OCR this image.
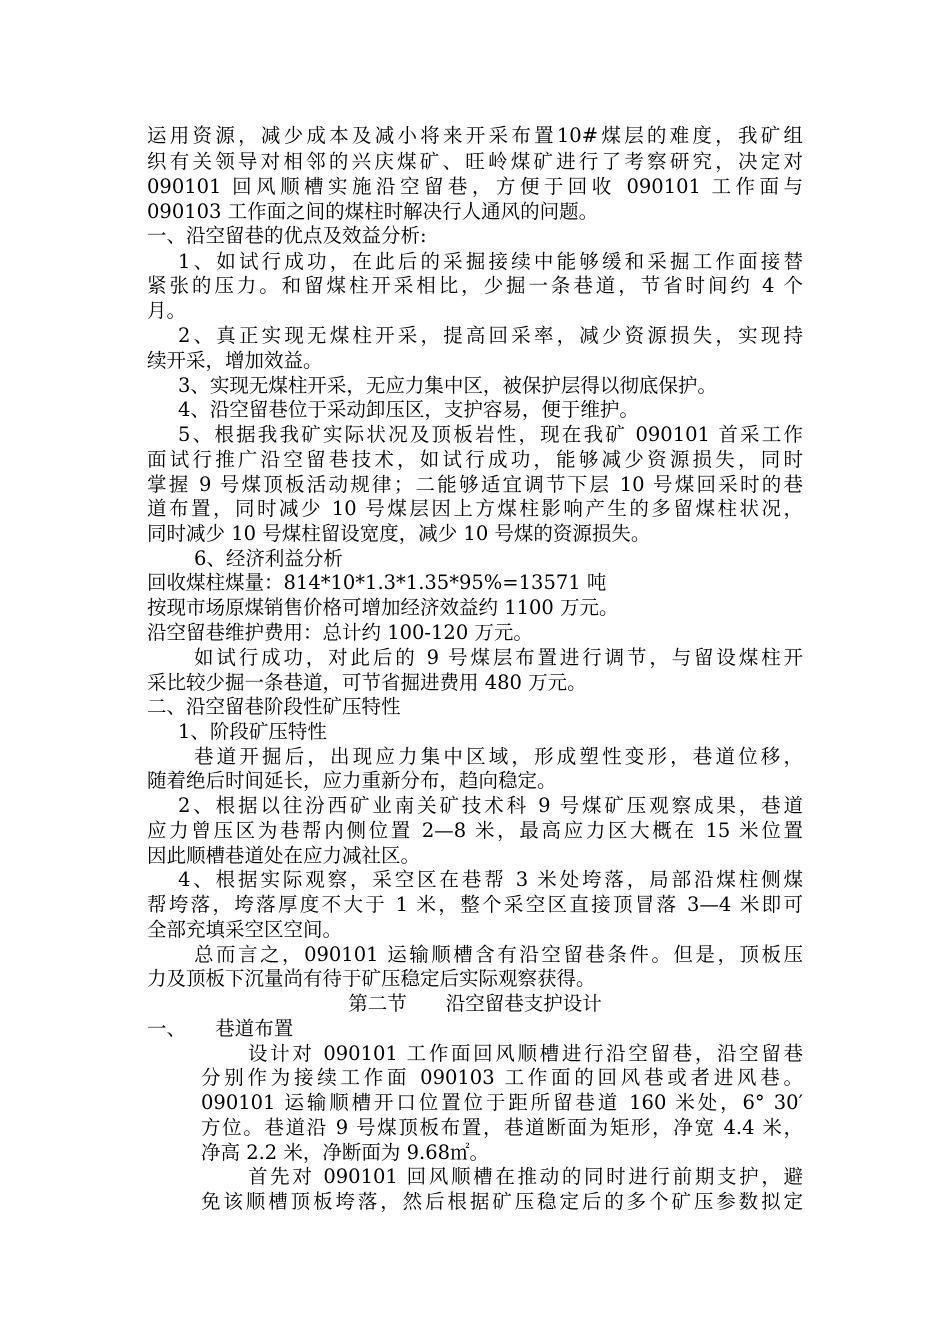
运用资源，减少成本及减小将来开采布置10#煤层的难度，我矿组
织有关领导对相邻的兴庆煤矿、旺岭煤矿进行了考察研究，决定对
090101 回风顺槽实施沿空留巷，方便于回收 090101 工作面与
090103 工作面之间的煤柱时解决行人通风的问题。
一、沿空留巷的优点及效益分析:
1、如试行成功，在此后的采掘接续中能够缓和采掘工作面接替
紧张的压力。和留煤柱开采相比，少掘一条巷道，节省时间约 4 个
月。
2、真正实现无煤柱开采，提高回采率，减少资源损失，实现持
续开采，增加效益。
3、实现无煤柱开采，无应力集中区，被保护层得以彻底保护。
4、沿空留巷位于采动卸压区，支护容易，便于维护。
5、根据我我矿实际状况及顶板岩性，现在我矿 090101 首采工作
面试行推广沿空留巷技术，如试行成功，能够减少资源损失，同时
掌握 9 号煤顶板活动规律；二能够适宜调节下层 10 号煤回采时的巷
道布置，同时减少 10 号煤层因上方煤柱影响产生的多留煤柱状况，
同时减少 10 号煤柱留设宽度，减少 10 号煤的资源损失。
6、经济利益分析
回收煤柱煤量：814*10*1.3*1.35*95%=13571 吨
按现市场原煤销售价格可增加经济效益约 1100 万元。
沿空留巷维护费用：总计约 100-120 万元。
如试行成功，对此后的 9 号煤层布置进行调节，与留设煤柱开
采比较少掘一条巷道，可节省掘进费用 480 万元。
二、沿空留巷阶段性矿压特性
1、阶段矿压特性
巷道开掘后，出现应力集中区域，形成塑性变形，巷道位移，
随着绝后时间延长，应力重新分布，趋向稳定。
2、根据以往汾西矿业南关矿技术科 9 号煤矿压观察成果，巷道
应力曾压区为巷帮内侧位置 2—8 米，最高应力区大概在 15 米位置
因此顺槽巷道处在应力减社区。
4、根据实际观察，采空区在巷帮 3 米处垮落，局部沿煤柱侧煤
帮垮落，垮落厚度不大于 1 米，整个采空区直接顶冒落 3—4 米即可
全部充填采空区空间。
总而言之，090101 运输顺槽含有沿空留巷条件。但是，顶板压
力及顶板下沉量尚有待于矿压稳定后实际观察获得。
第二节　　沿空留巷支护设计
一、　　巷道布置
设计对 090101 工作面回风顺槽进行沿空留巷，沿空留巷
分别作为接续工作面 090103 工作面的回风巷或者进风巷。
090101 运输顺槽开口位置位于距所留巷道 160 米处，6° 30′
方位。巷道沿 9 号煤顶板布置，巷道断面为矩形，净宽 4.4 米，
净高 2.2 米，净断面为 9.68㎡。
首先对 090101 回风顺槽在推动的同时进行前期支护，避
免该顺槽顶板垮落，然后根据矿压稳定后的多个矿压参数拟定
